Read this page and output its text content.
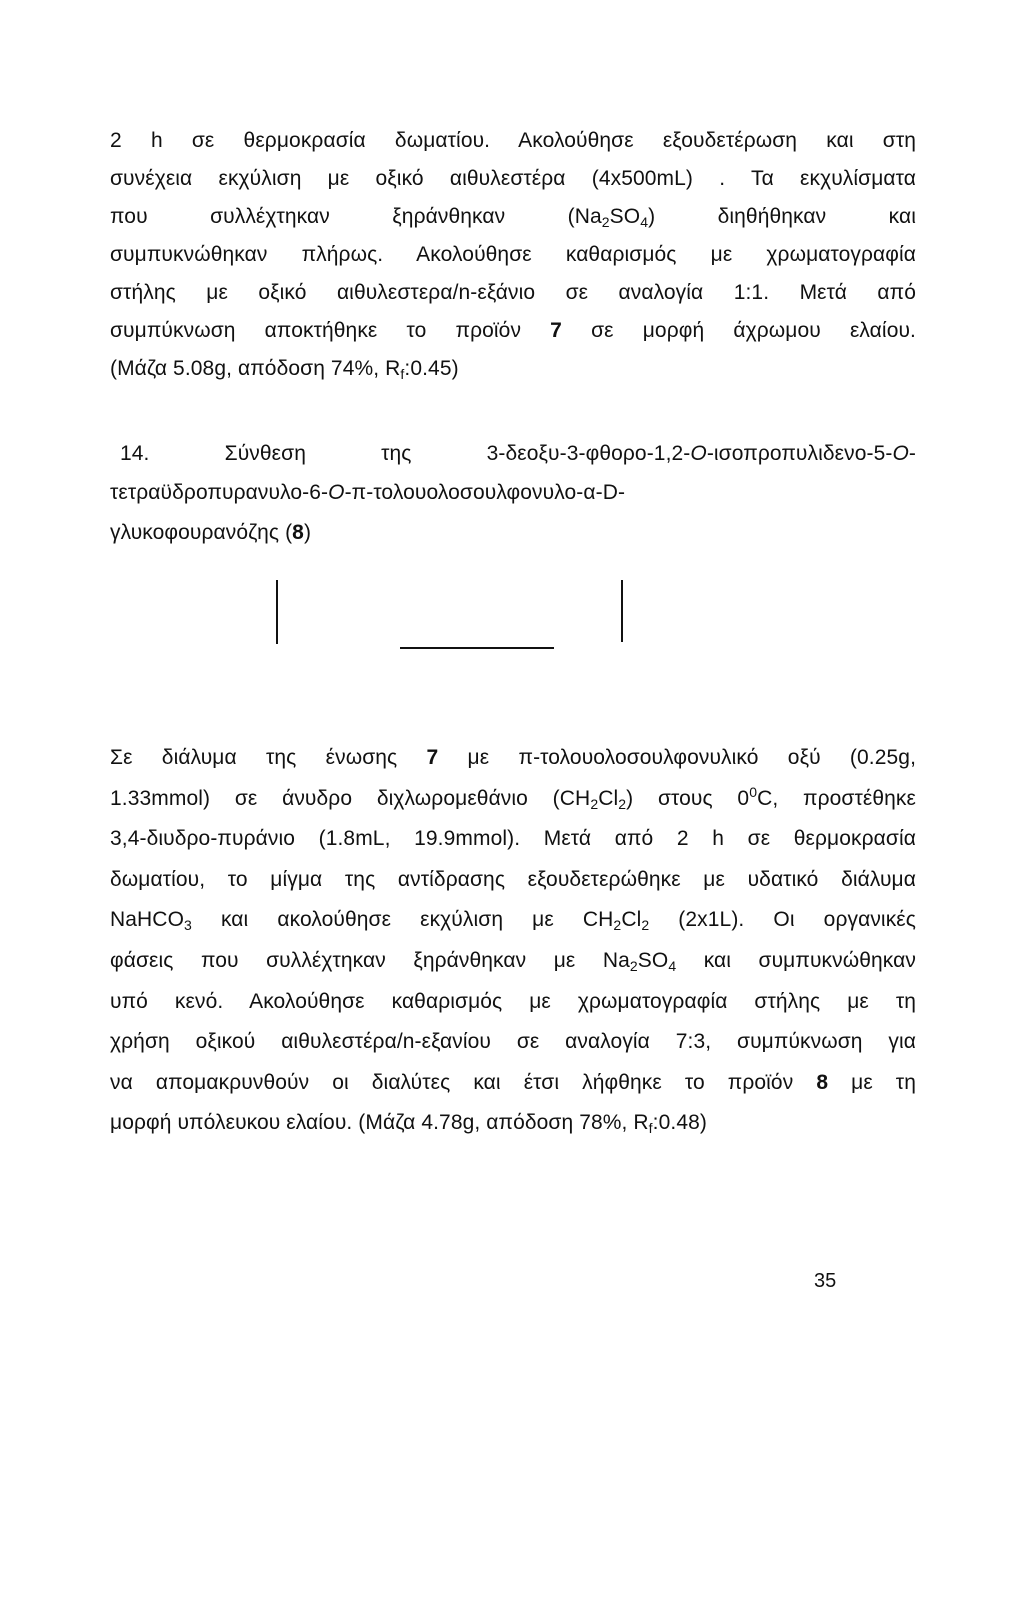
2 h σε θερμοκρασία δωματίου. Ακολούθησε εξουδετέρωση και στη
συνέχεια εκχύλιση με οξικό αιθυλεστέρα (4x500mL) . Τα εκχυλίσματα
που συλλέχτηκαν ξηράνθηκαν $(Na_2SO_4)$ διηθήθηκαν και
συμπυκνώθηκαν πλήρως. Ακολούθησε καθαρισμός με χρωματογραφία
στήλης με οξικό αιθυλεστερα/n-εξάνιο σε αναλογία 1:1. Μετά από
συμπύκνωση αποκτήθηκε το προϊόν 7 σε μορφή άχρωμου ελαίου.
(Μάζα 5.08g, απόδοση 74%, $R_f:0.45$)
14.	Σύνθεση	της	3-δεοξυ-3-φθορο-1,2-O-ισοπροπυλιδενο-5-O-
τετραϋδροπυρανυλο-6-O-π-τολουολοσουλφονυλο-α-D-
γλυκοφουρανόζης (8)
Σε διάλυμα της ένωσης 7 με π-τολουολοσουλφονυλικό οξύ (0.25g,
1.33mmol) σε άνυδρο διχλωρομεθάνιο $(CH_2Cl_2)$ στους $0^0C$, προστέθηκε
3,4-διυδρο-πυράνιο (1.8mL, 19.9mmol). Μετά από 2 h σε θερμοκρασία
δωματίου, το μίγμα της αντίδρασης εξουδετερώθηκε με υδατικό διάλυμα
NaHCO$_3$ και ακολούθησε εκχύλιση με $CH_2Cl_2$ (2x1L). Οι οργανικές
φάσεις που συλλέχτηκαν ξηράνθηκαν με $Na_2SO_4$ και συμπυκνώθηκαν
υπό κενό. Ακολούθησε καθαρισμός με χρωματογραφία στήλης με τη
χρήση οξικού αιθυλεστέρα/n-εξανίου σε αναλογία 7:3, συμπύκνωση για
να απομακρυνθούν οι διαλύτες και έτσι λήφθηκε το προϊόν 8 με τη
μορφή υπόλευκου ελαίου. (Μάζα 4.78g, απόδοση 78%, $R_f:0.48$)
35
